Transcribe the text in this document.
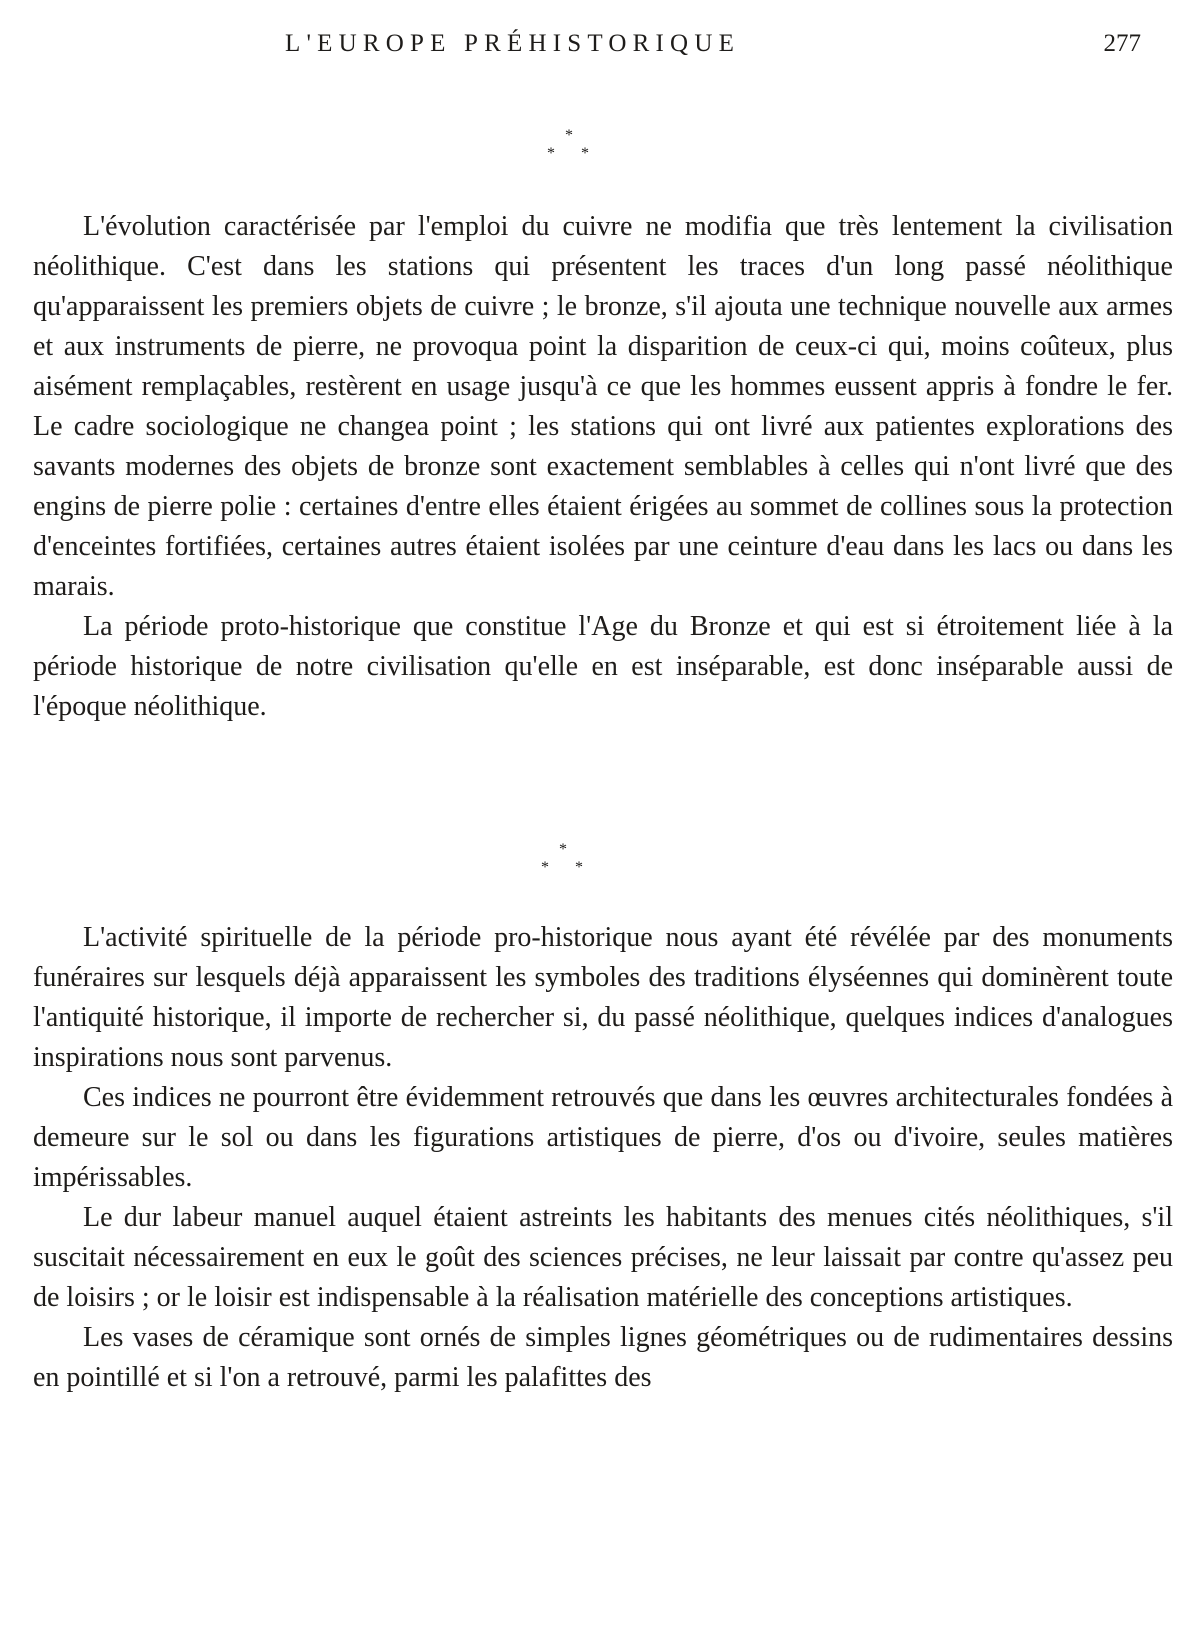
L'EUROPE PRÉHISTORIQUE	277
*
* *

L'évolution caractérisée par l'emploi du cuivre ne modifia que très lentement la civilisation néolithique. C'est dans les stations qui présentent les traces d'un long passé néolithique qu'apparaissent les premiers objets de cuivre ; le bronze, s'il ajouta une technique nouvelle aux armes et aux instruments de pierre, ne provoqua point la disparition de ceux-ci qui, moins coûteux, plus aisément remplaçables, restèrent en usage jusqu'à ce que les hommes eussent appris à fondre le fer. Le cadre sociologique ne changea point ; les stations qui ont livré aux patientes explorations des savants modernes des objets de bronze sont exactement semblables à celles qui n'ont livré que des engins de pierre polie : certaines d'entre elles étaient érigées au sommet de collines sous la protection d'enceintes fortifiées, certaines autres étaient isolées par une ceinture d'eau dans les lacs ou dans les marais.

La période proto-historique que constitue l'Age du Bronze et qui est si étroitement liée à la période historique de notre civilisation qu'elle en est inséparable, est donc inséparable aussi de l'époque néolithique.

*
* *

L'activité spirituelle de la période pro-historique nous ayant été révélée par des monuments funéraires sur lesquels déjà apparaissent les symboles des traditions élyséennes qui dominèrent toute l'antiquité historique, il importe de rechercher si, du passé néolithique, quelques indices d'analogues inspirations nous sont parvenus.

Ces indices ne pourront être évidemment retrouvés que dans les œuvres architecturales fondées à demeure sur le sol ou dans les figurations artistiques de pierre, d'os ou d'ivoire, seules matières impérissables.

Le dur labeur manuel auquel étaient astreints les habitants des menues cités néolithiques, s'il suscitait nécessairement en eux le goût des sciences précises, ne leur laissait par contre qu'assez peu de loisirs ; or le loisir est indispensable à la réalisation matérielle des conceptions artistiques.

Les vases de céramique sont ornés de simples lignes géométriques ou de rudimentaires dessins en pointillé et si l'on a retrouvé, parmi les palafittes des
